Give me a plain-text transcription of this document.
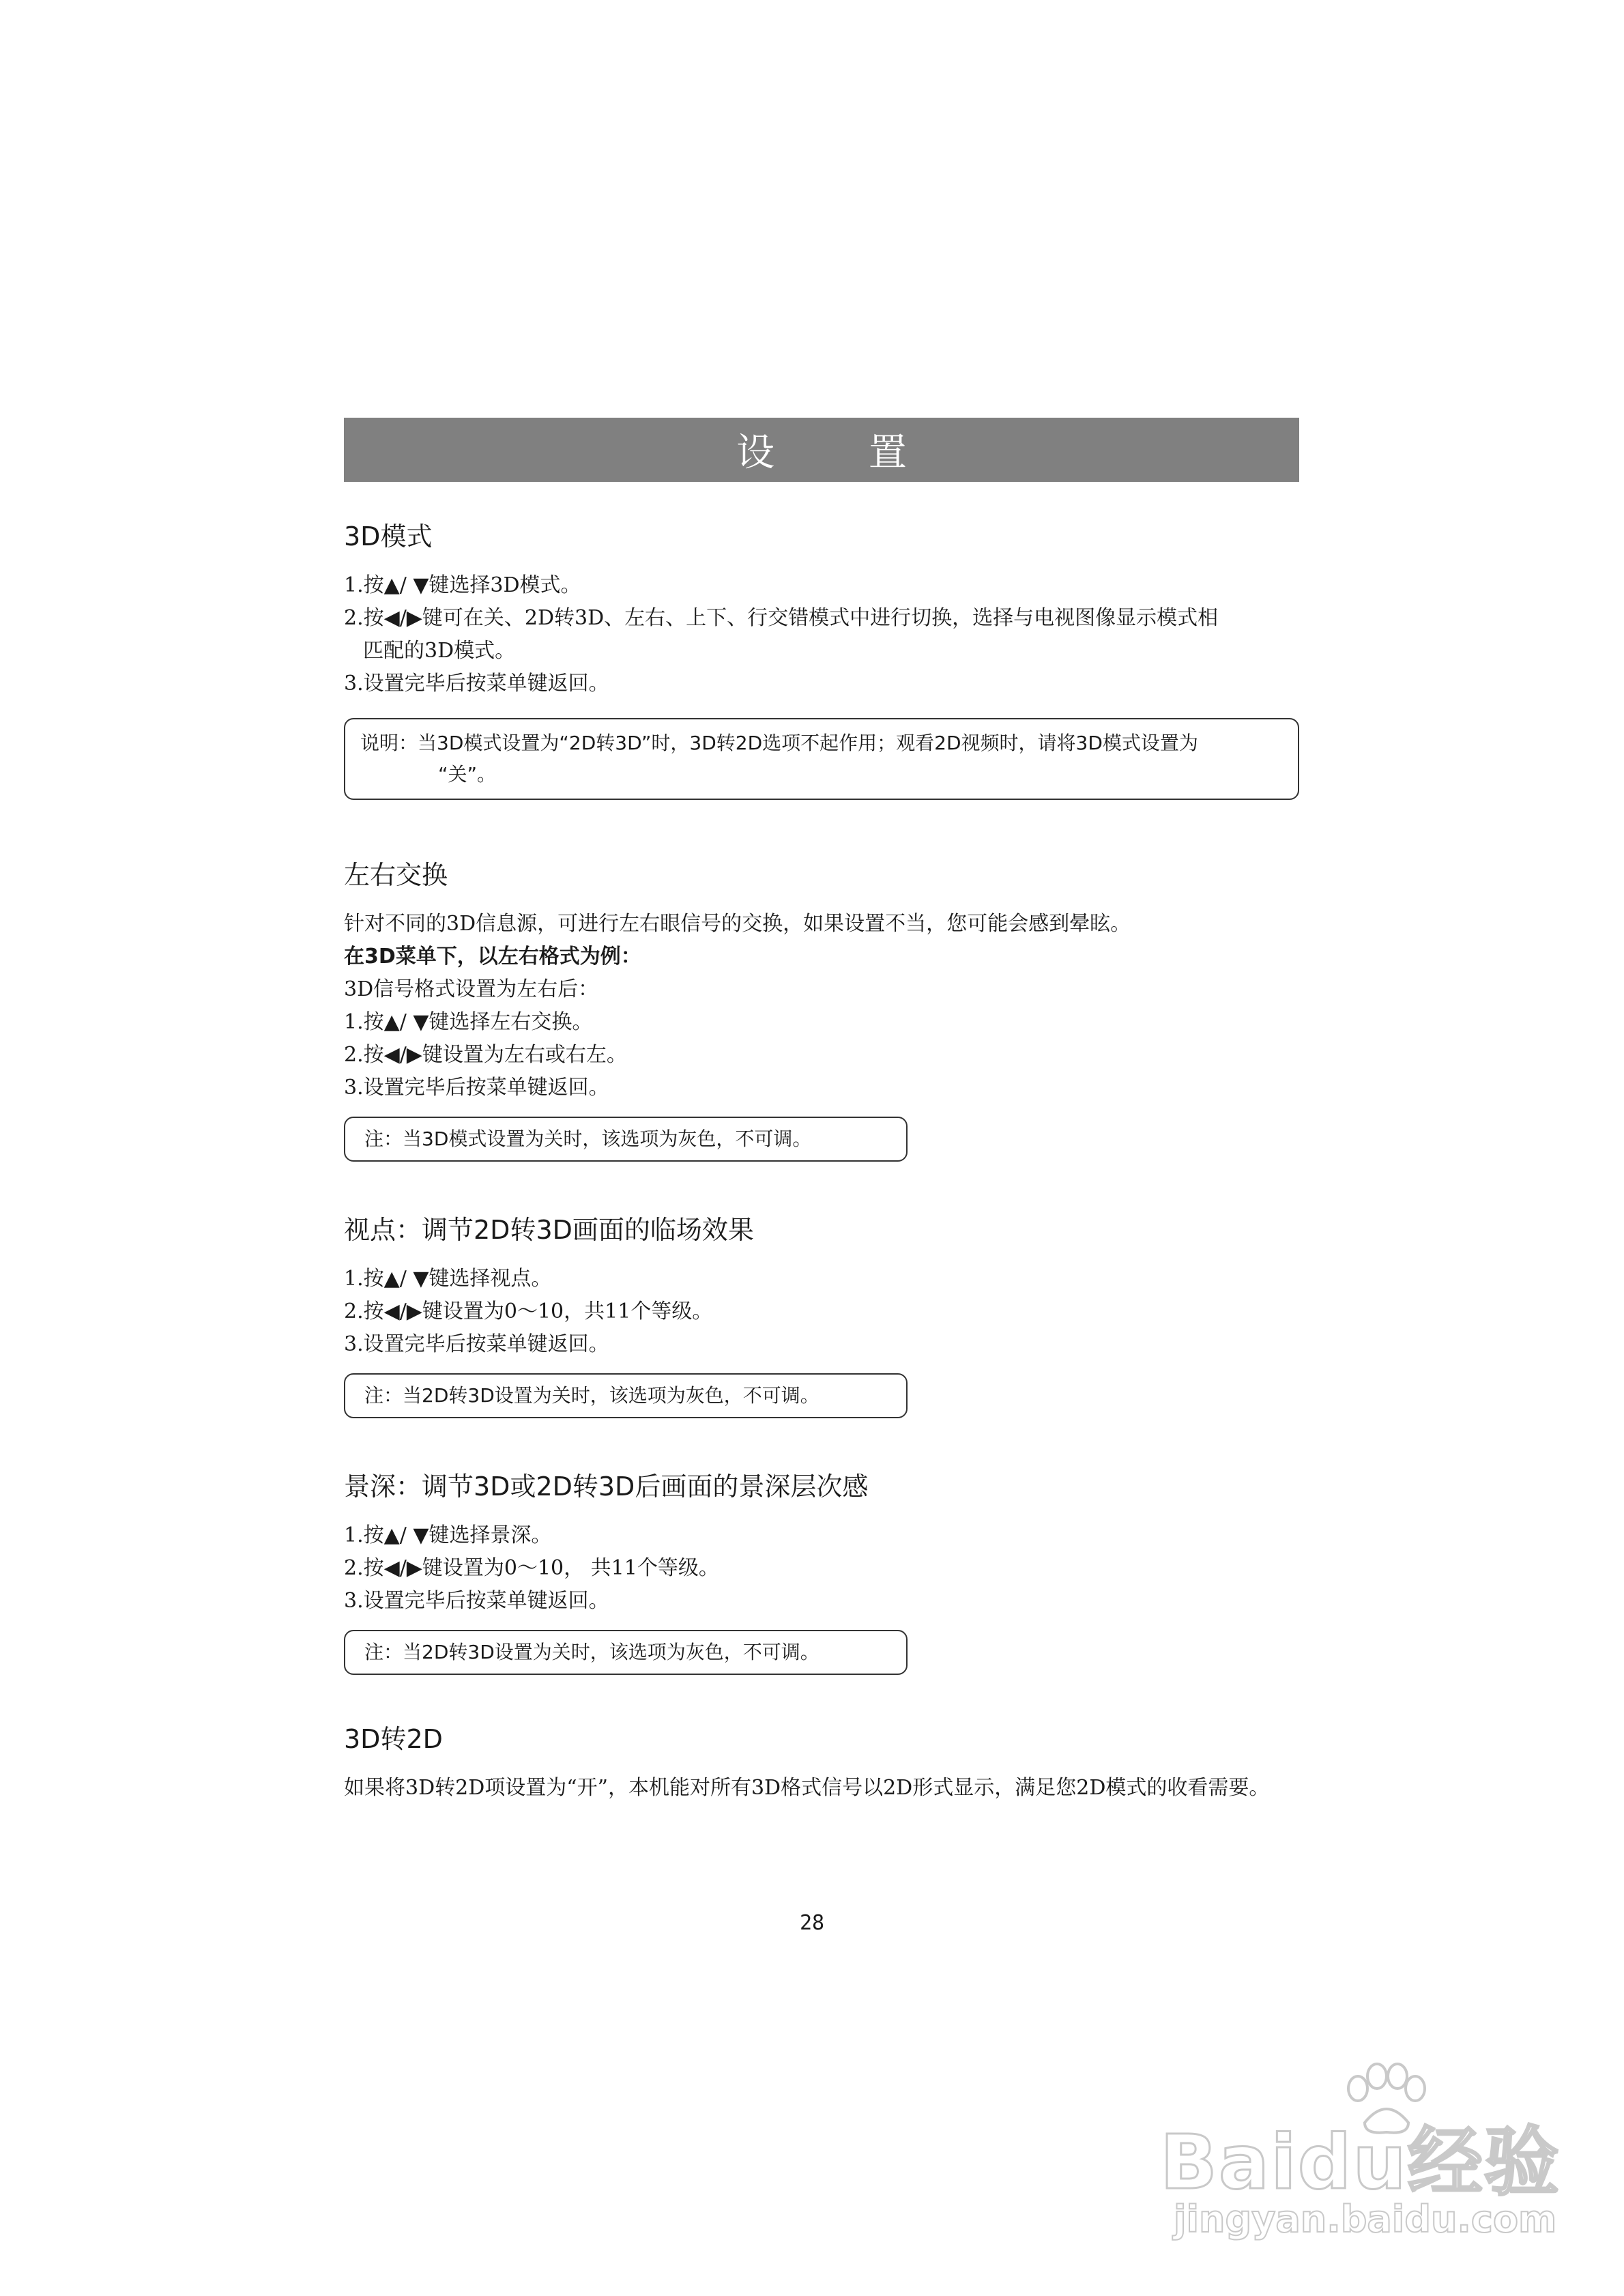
设 置
3D模式

1.按▲/ ▼键选择3D模式。

2.按◀/▶键可在关、2D转3D、左右、上下、行交错模式中进行切换，选择与电视图像显示模式相

匹配的3D模式。

3.设置完毕后按菜单键返回。

说明：当3D模式设置为“2D转3D”时，3D转2D选项不起作用；观看2D视频时，请将3D模式设置为
“关”。
左右交换

针对不同的3D信息源，可进行左右眼信号的交换，如果设置不当，您可能会感到晕眩。

在3D菜单下，以左右格式为例：

3D信号格式设置为左右后：

1.按▲/ ▼键选择左右交换。

2.按◀/▶键设置为左右或右左。

3.设置完毕后按菜单键返回。

注：当3D模式设置为关时，该选项为灰色，不可调。
视点：调节2D转3D画面的临场效果

1.按▲/ ▼键选择视点。

2.按◀/▶键设置为0～10，共11个等级。

3.设置完毕后按菜单键返回。

注：当2D转3D设置为关时，该选项为灰色，不可调。
景深：调节3D或2D转3D后画面的景深层次感

1.按▲/ ▼键选择景深。

2.按◀/▶键设置为0～10， 共11个等级。

3.设置完毕后按菜单键返回。

注：当2D转3D设置为关时，该选项为灰色，不可调。
3D转2D

如果将3D转2D项设置为“开”，本机能对所有3D格式信号以2D形式显示，满足您2D模式的收看需要。

28
Baidu经验
jingyan.baidu.com
